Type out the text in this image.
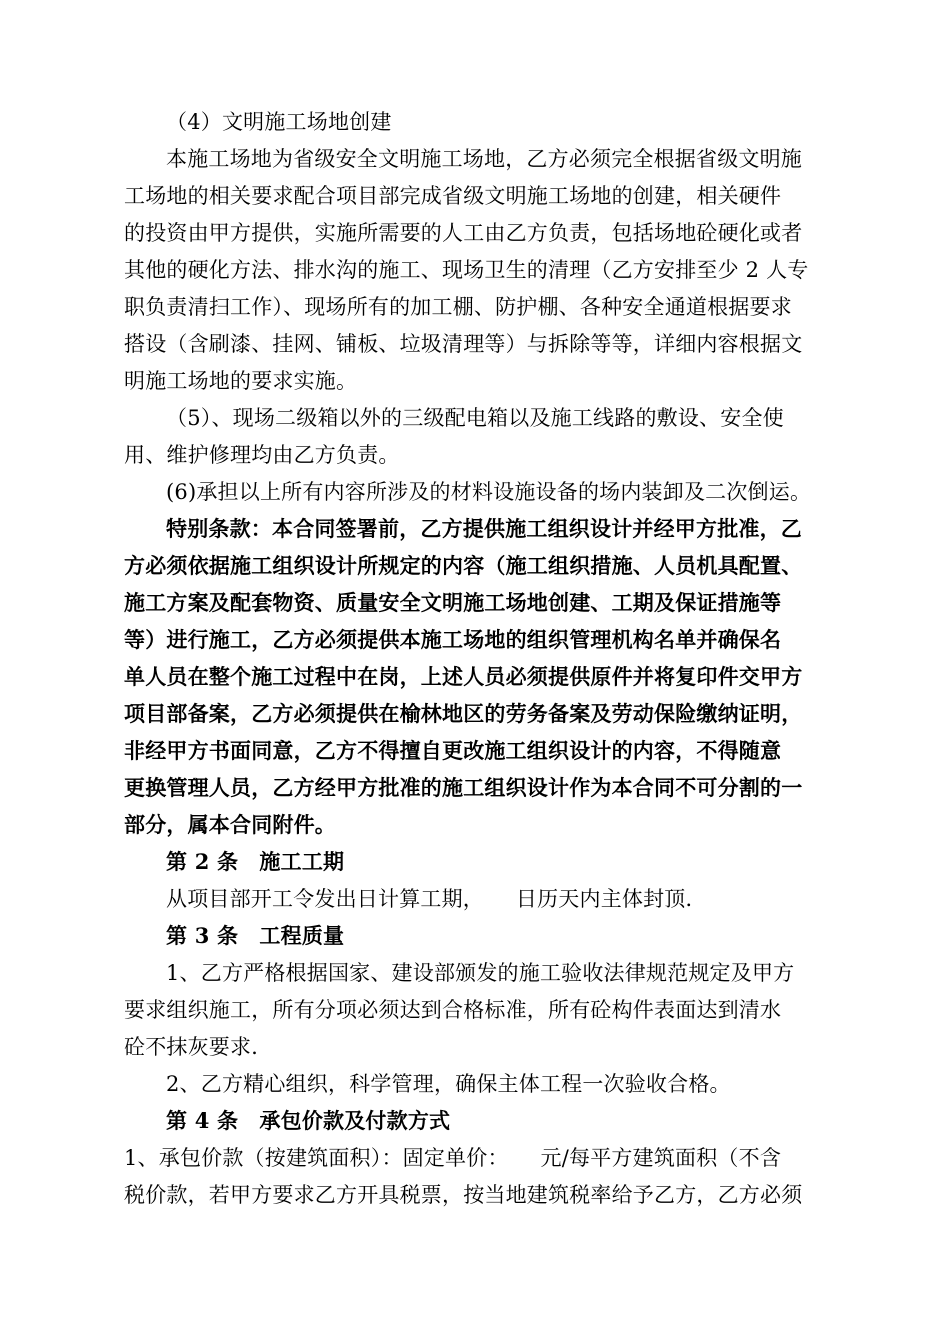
（4）文明施工场地创建
本施工场地为省级安全文明施工场地，乙方必须完全根据省级文明施
工场地的相关要求配合项目部完成省级文明施工场地的创建，相关硬件
的投资由甲方提供，实施所需要的人工由乙方负责，包括场地砼硬化或者
其他的硬化方法、排水沟的施工、现场卫生的清理（乙方安排至少 2 人专
职负责清扫工作）、现场所有的加工棚、防护棚、各种安全通道根据要求
搭设（含刷漆、挂网、铺板、垃圾清理等）与拆除等等，详细内容根据文
明施工场地的要求实施。
（5）、现场二级箱以外的三级配电箱以及施工线路的敷设、安全使
用、维护修理均由乙方负责。
(6)承担以上所有内容所涉及的材料设施设备的场内装卸及二次倒运。
特别条款：本合同签署前，乙方提供施工组织设计并经甲方批准，乙
方必须依据施工组织设计所规定的内容（施工组织措施、人员机具配置、
施工方案及配套物资、质量安全文明施工场地创建、工期及保证措施等
等）进行施工，乙方必须提供本施工场地的组织管理机构名单并确保名
单人员在整个施工过程中在岗，上述人员必须提供原件并将复印件交甲方
项目部备案，乙方必须提供在榆林地区的劳务备案及劳动保险缴纳证明，
非经甲方书面同意，乙方不得擅自更改施工组织设计的内容，不得随意
更换管理人员，乙方经甲方批准的施工组织设计作为本合同不可分割的一
部分，属本合同附件。
第 2 条　施工工期
从项目部开工令发出日计算工期，　　日历天内主体封顶．
第 3 条　工程质量
1、乙方严格根据国家、建设部颁发的施工验收法律规范规定及甲方
要求组织施工，所有分项必须达到合格标准，所有砼构件表面达到清水
砼不抹灰要求．
2、乙方精心组织，科学管理，确保主体工程一次验收合格。
第 4 条　承包价款及付款方式
1、承包价款（按建筑面积）：固定单价：　　元/每平方建筑面积（不含
税价款，若甲方要求乙方开具税票，按当地建筑税率给予乙方，乙方必须
